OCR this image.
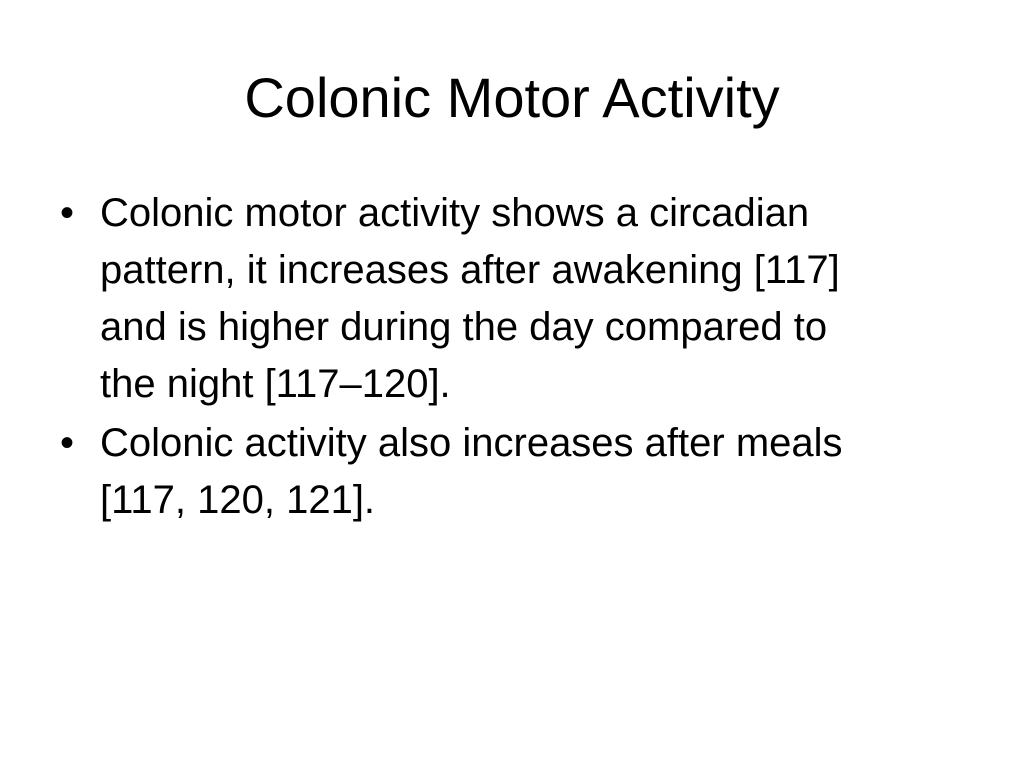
Colonic Motor Activity
• Colonic motor activity shows a circadian
pattern, it increases after awakening [117]
and is higher during the day compared to
the night [117–120].
• Colonic activity also increases after meals
[117, 120, 121].
